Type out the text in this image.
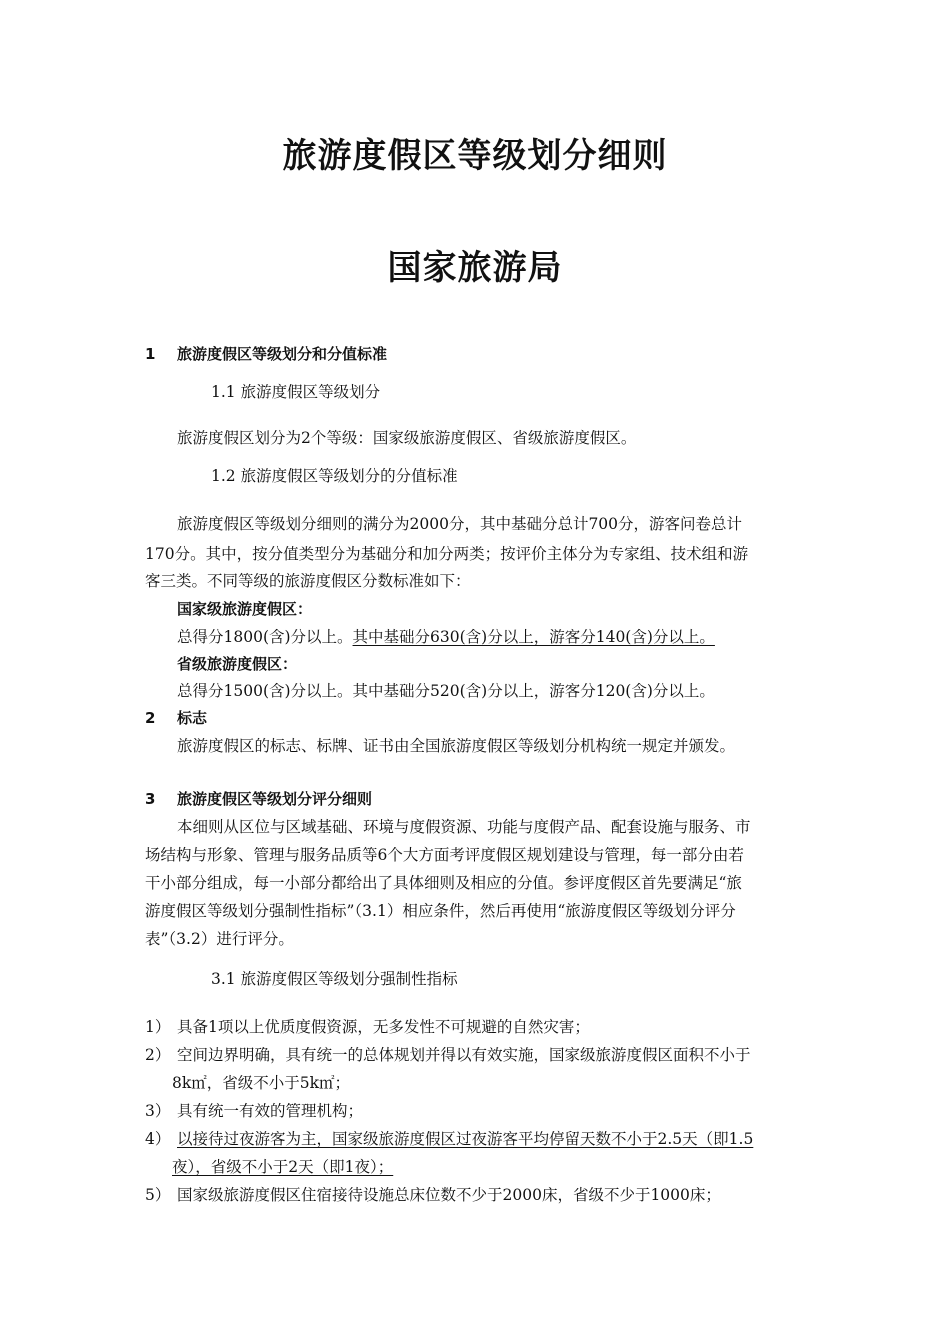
旅游度假区等级划分细则
国家旅游局
1 旅游度假区等级划分和分值标准
1.1 旅游度假区等级划分
旅游度假区划分为2个等级：国家级旅游度假区、省级旅游度假区。
1.2 旅游度假区等级划分的分值标准
旅游度假区等级划分细则的满分为2000分，其中基础分总计700分，游客问卷总计
170分。其中，按分值类型分为基础分和加分两类；按评价主体分为专家组、技术组和游
客三类。不同等级的旅游度假区分数标准如下：
国家级旅游度假区：
总得分1800(含)分以上。其中基础分630(含)分以上，游客分140(含)分以上。
省级旅游度假区：
总得分1500(含)分以上。其中基础分520(含)分以上，游客分120(含)分以上。
2 标志
旅游度假区的标志、标牌、证书由全国旅游度假区等级划分机构统一规定并颁发。
3 旅游度假区等级划分评分细则
本细则从区位与区域基础、环境与度假资源、功能与度假产品、配套设施与服务、市
场结构与形象、管理与服务品质等6个大方面考评度假区规划建设与管理，每一部分由若
干小部分组成，每一小部分都给出了具体细则及相应的分值。参评度假区首先要满足“旅
游度假区等级划分强制性指标”（3.1）相应条件，然后再使用“旅游度假区等级划分评分
表”（3.2）进行评分。
3.1 旅游度假区等级划分强制性指标
1） 具备1项以上优质度假资源，无多发性不可规避的自然灾害；
2） 空间边界明确，具有统一的总体规划并得以有效实施，国家级旅游度假区面积不小于
8k㎡，省级不小于5k㎡；
3） 具有统一有效的管理机构；
4） 以接待过夜游客为主，国家级旅游度假区过夜游客平均停留天数不小于2.5天（即1.5
夜），省级不小于2天（即1夜）；
5） 国家级旅游度假区住宿接待设施总床位数不少于2000床，省级不少于1000床；
